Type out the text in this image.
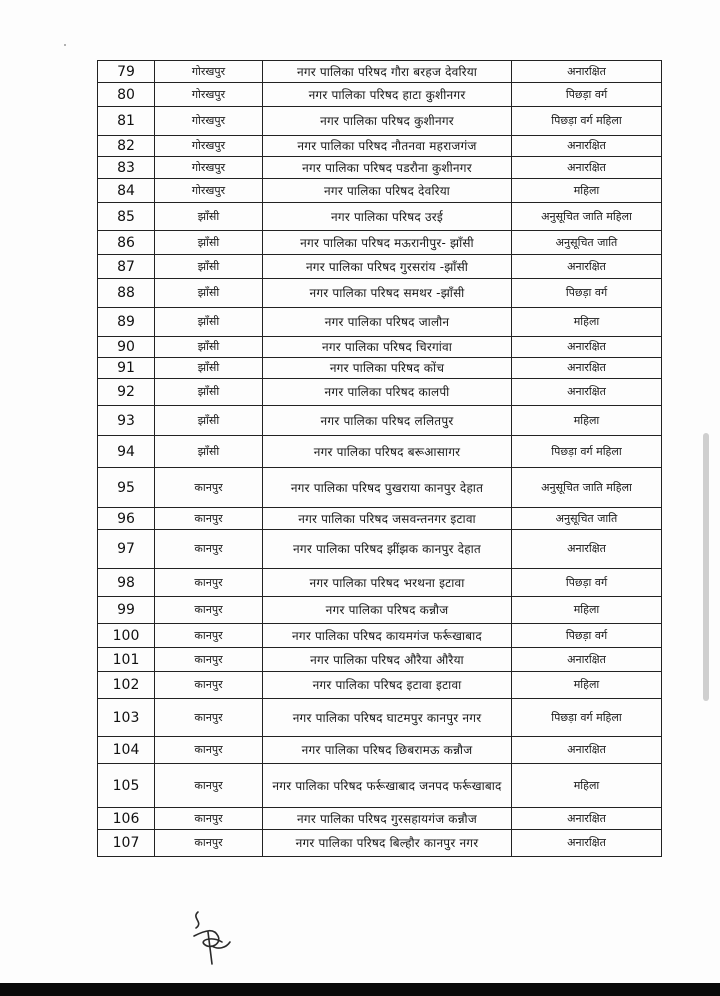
79	गोरखपुर	नगर पालिका परिषद गौरा बरहज देवरिया	अनारक्षित
80	गोरखपुर	नगर पालिका परिषद हाटा कुशीनगर	पिछड़ा वर्ग
81	गोरखपुर	नगर पालिका परिषद कुशीनगर	पिछड़ा वर्ग महिला
82	गोरखपुर	नगर पालिका परिषद नौतनवा महराजगंज	अनारक्षित
83	गोरखपुर	नगर पालिका परिषद पडरौना कुशीनगर	अनारक्षित
84	गोरखपुर	नगर पालिका परिषद देवरिया	महिला
85	झाँसी	नगर पालिका परिषद उरई	अनुसूचित जाति महिला
86	झाँसी	नगर पालिका परिषद मऊरानीपुर- झाँसी	अनुसूचित जाति
87	झाँसी	नगर पालिका परिषद गुरसरांय -झाँसी	अनारक्षित
88	झाँसी	नगर पालिका परिषद समथर -झाँसी	पिछड़ा वर्ग
89	झाँसी	नगर पालिका परिषद जालौन	महिला
90	झाँसी	नगर पालिका परिषद चिरगांवा	अनारक्षित
91	झाँसी	नगर पालिका परिषद कोंच	अनारक्षित
92	झाँसी	नगर पालिका परिषद कालपी	अनारक्षित
93	झाँसी	नगर पालिका परिषद ललितपुर	महिला
94	झाँसी	नगर पालिका परिषद बरूआसागर	पिछड़ा वर्ग महिला
95	कानपुर	नगर पालिका परिषद पुखराया कानपुर देहात	अनुसूचित जाति महिला
96	कानपुर	नगर पालिका परिषद जसवन्तनगर इटावा	अनुसूचित जाति
97	कानपुर	नगर पालिका परिषद झींझक कानपुर देहात	अनारक्षित
98	कानपुर	नगर पालिका परिषद भरथना इटावा	पिछड़ा वर्ग
99	कानपुर	नगर पालिका परिषद कन्नौज	महिला
100	कानपुर	नगर पालिका परिषद कायमगंज फर्रूखाबाद	पिछड़ा वर्ग
101	कानपुर	नगर पालिका परिषद औरैया औरैया	अनारक्षित
102	कानपुर	नगर पालिका परिषद इटावा इटावा	महिला
103	कानपुर	नगर पालिका परिषद घाटमपुर कानपुर नगर	पिछड़ा वर्ग महिला
104	कानपुर	नगर पालिका परिषद छिबरामऊ कन्नौज	अनारक्षित
105	कानपुर	नगर पालिका परिषद फर्रूखाबाद जनपद फर्रूखाबाद	महिला
106	कानपुर	नगर पालिका परिषद गुरसहायगंज कन्नौज	अनारक्षित
107	कानपुर	नगर पालिका परिषद बिल्हौर कानपुर नगर	अनारक्षित
